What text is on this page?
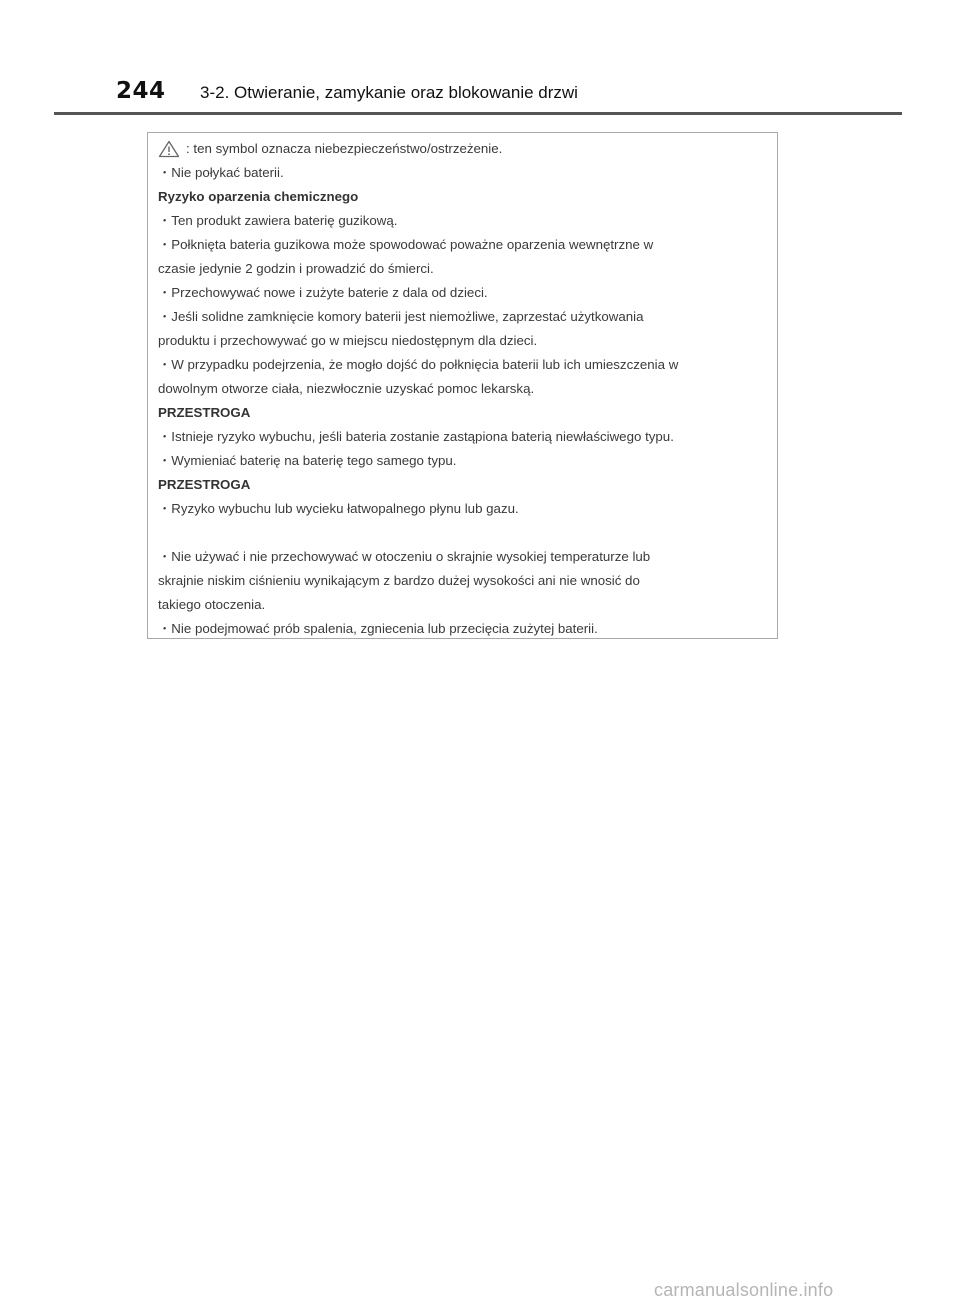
244 3-2. Otwieranie, zamykanie oraz blokowanie drzwi
: ten symbol oznacza niebezpieczeństwo/ostrzeżenie.
・Nie połykać baterii.
Ryzyko oparzenia chemicznego
・Ten produkt zawiera baterię guzikową.
・Połknięta bateria guzikowa może spowodować poważne oparzenia wewnętrzne w
czasie jedynie 2 godzin i prowadzić do śmierci.
・Przechowywać nowe i zużyte baterie z dala od dzieci.
・Jeśli solidne zamknięcie komory baterii jest niemożliwe, zaprzestać użytkowania
produktu i przechowywać go w miejscu niedostępnym dla dzieci.
・W przypadku podejrzenia, że mogło dojść do połknięcia baterii lub ich umieszczenia w
dowolnym otworze ciała, niezwłocznie uzyskać pomoc lekarską.
PRZESTROGA
・Istnieje ryzyko wybuchu, jeśli bateria zostanie zastąpiona baterią niewłaściwego typu.
・Wymieniać baterię na baterię tego samego typu.
PRZESTROGA
・Ryzyko wybuchu lub wycieku łatwopalnego płynu lub gazu.
・Nie używać i nie przechowywać w otoczeniu o skrajnie wysokiej temperaturze lub
skrajnie niskim ciśnieniu wynikającym z bardzo dużej wysokości ani nie wnosić do
takiego otoczenia.
・Nie podejmować prób spalenia, zgniecenia lub przecięcia zużytej baterii.
carmanualsonline.info
